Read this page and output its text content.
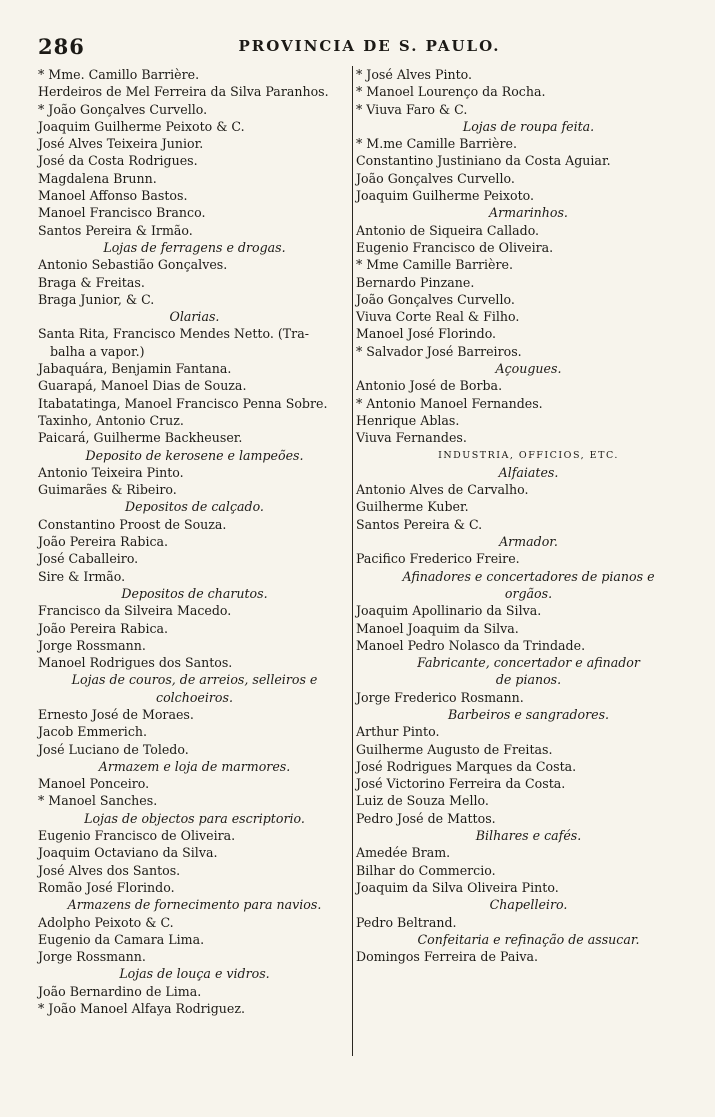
286	PROVINCIA DE S. PAULO.
* Mme. Camillo Barrière.
Herdeiros de Mel Ferreira da Silva Paranhos.
* João Gonçalves Curvello.
Joaquim Guilherme Peixoto & C.
José Alves Teixeira Junior.
José da Costa Rodrigues.
Magdalena Brunn.
Manoel Affonso Bastos.
Manoel Francisco Branco.
Santos Pereira & Irmão.
Lojas de ferragens e drogas.
Antonio Sebastião Gonçalves.
Braga & Freitas.
Braga Junior, & C.
Olarias.
Santa Rita, Francisco Mendes Netto. (Tra-
balha a vapor.)
Jabaquára, Benjamin Fantana.
Guarapá, Manoel Dias de Souza.
Itabatatinga, Manoel Francisco Penna Sobre.
Taxinho, Antonio Cruz.
Paicará, Guilherme Backheuser.
Deposito de kerosene e lampeões.
Antonio Teixeira Pinto.
Guimarães & Ribeiro.
Depositos de calçado.
Constantino Proost de Souza.
João Pereira Rabica.
José Caballeiro.
Sire & Irmão.
Depositos de charutos.
Francisco da Silveira Macedo.
João Pereira Rabica.
Jorge Rossmann.
Manoel Rodrigues dos Santos.
Lojas de couros, de arreios, selleiros e
colchoeiros.
Ernesto José de Moraes.
Jacob Emmerich.
José Luciano de Toledo.
Armazem e loja de marmores.
Manoel Ponceiro.
* Manoel Sanches.
Lojas de objectos para escriptorio.
Eugenio Francisco de Oliveira.
Joaquim Octaviano da Silva.
José Alves dos Santos.
Romão José Florindo.
Armazens de fornecimento para navios.
Adolpho Peixoto & C.
Eugenio da Camara Lima.
Jorge Rossmann.
Lojas de louça e vidros.
João Bernardino de Lima.
* João Manoel Alfaya Rodriguez.
* José Alves Pinto.
* Manoel Lourenço da Rocha.
* Viuva Faro & C.
Lojas de roupa feita.
* M.me Camille Barrière.
Constantino Justiniano da Costa Aguiar.
João Gonçalves Curvello.
Joaquim Guilherme Peixoto.
Armarinhos.
Antonio de Siqueira Callado.
Eugenio Francisco de Oliveira.
* Mme Camille Barrière.
Bernardo Pinzane.
João Gonçalves Curvello.
Viuva Corte Real & Filho.
Manoel José Florindo.
* Salvador José Barreiros.
Açougues.
Antonio José de Borba.
* Antonio Manoel Fernandes.
Henrique Ablas.
Viuva Fernandes.
INDUSTRIA, OFFICIOS, ETC.
Alfaiates.
Antonio Alves de Carvalho.
Guilherme Kuber.
Santos Pereira & C.
Armador.
Pacifico Frederico Freire.
Afinadores e concertadores de pianos e
orgãos.
Joaquim Apollinario da Silva.
Manoel Joaquim da Silva.
Manoel Pedro Nolasco da Trindade.
Fabricante, concertador e afinador
de pianos.
Jorge Frederico Rosmann.
Barbeiros e sangradores.
Arthur Pinto.
Guilherme Augusto de Freitas.
José Rodrigues Marques da Costa.
José Victorino Ferreira da Costa.
Luiz de Souza Mello.
Pedro José de Mattos.
Bilhares e cafés.
Amedée Bram.
Bilhar do Commercio.
Joaquim da Silva Oliveira Pinto.
Chapelleiro.
Pedro Beltrand.
Confeitaria e refinação de assucar.
Domingos Ferreira de Paiva.
